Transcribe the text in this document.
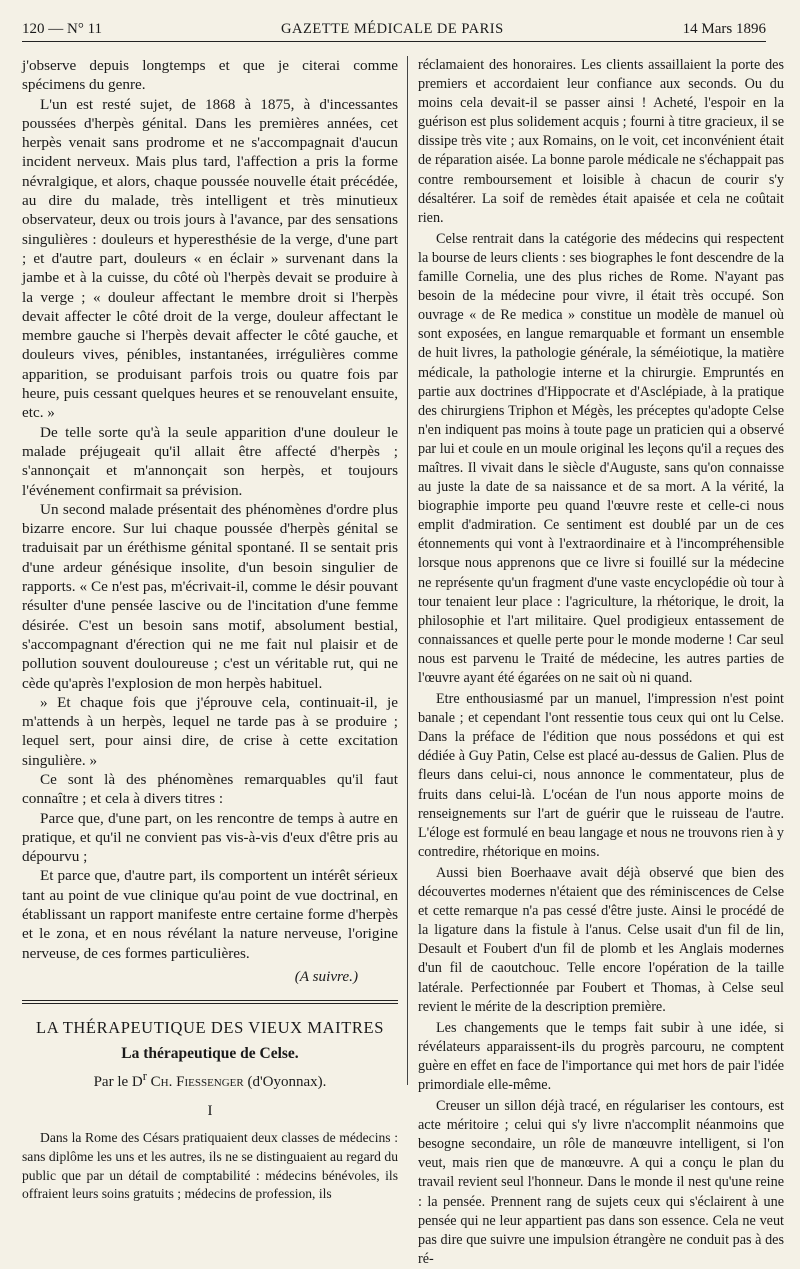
120 — N° 11	GAZETTE MÉDICALE DE PARIS	14 Mars 1896

j'observe depuis longtemps et que je citerai comme spécimens du genre.

L'un est resté sujet, de 1868 à 1875, à d'incessantes poussées d'herpès génital. Dans les premières années, cet herpès venait sans prodrome et ne s'accompagnait d'aucun incident nerveux. Mais plus tard, l'affection a pris la forme névralgique, et alors, chaque poussée nouvelle était précédée, au dire du malade, très intelligent et très minutieux observateur, deux ou trois jours à l'avance, par des sensations singulières : douleurs et hyperesthésie de la verge, d'une part ; et d'autre part, douleurs « en éclair » survenant dans la jambe et à la cuisse, du côté où l'herpès devait se produire à la verge ; « douleur affectant le membre droit si l'herpès devait affecter le côté droit de la verge, douleur affectant le membre gauche si l'herpès devait affecter le côté gauche, et douleurs vives, pénibles, instantanées, irrégulières comme apparition, se produisant parfois trois ou quatre fois par heure, puis cessant quelques heures et se renouvelant ensuite, etc. »

De telle sorte qu'à la seule apparition d'une douleur le malade préjugeait qu'il allait être affecté d'herpès ; s'annonçait et m'annonçait son herpès, et toujours l'événement confirmait sa prévision.

Un second malade présentait des phénomènes d'ordre plus bizarre encore. Sur lui chaque poussée d'herpès génital se traduisait par un éréthisme génital spontané. Il se sentait pris d'une ardeur génésique insolite, d'un besoin singulier de rapports. « Ce n'est pas, m'écrivait-il, comme le désir pouvant résulter d'une pensée lascive ou de l'incitation d'une femme désirée. C'est un besoin sans motif, absolument bestial, s'accompagnant d'érection qui ne me fait nul plaisir et de pollution souvent douloureuse ; c'est un véritable rut, qui ne cède qu'après l'explosion de mon herpès habituel.

» Et chaque fois que j'éprouve cela, continuait-il, je m'attends à un herpès, lequel ne tarde pas à se produire ; lequel sert, pour ainsi dire, de crise à cette excitation singulière. »

Ce sont là des phénomènes remarquables qu'il faut connaître ; et cela à divers titres :

Parce que, d'une part, on les rencontre de temps à autre en pratique, et qu'il ne convient pas vis-à-vis d'eux d'être pris au dépourvu ;

Et parce que, d'autre part, ils comportent un intérêt sérieux tant au point de vue clinique qu'au point de vue doctrinal, en établissant un rapport manifeste entre certaine forme d'herpès et le zona, et en nous révélant la nature nerveuse, l'origine nerveuse, de ces formes particulières.

(A suivre.)
LA THÉRAPEUTIQUE DES VIEUX MAITRES
La thérapeutique de Celse.
Par le $D^r$ Ch. Fiessenger (d'Oyonnax).
I

Dans la Rome des Césars pratiquaient deux classes de médecins : sans diplôme les uns et les autres, ils ne se distinguaient au regard du public que par un détail de comptabilité : médecins bénévoles, ils offraient leurs soins gratuits ; médecins de profession, ils

réclamaient des honoraires. Les clients assaillaient la porte des premiers et accordaient leur confiance aux seconds. Ou du moins cela devait-il se passer ainsi ! Acheté, l'espoir en la guérison est plus solidement acquis ; fourni à titre gracieux, il se dissipe très vite ; aux Romains, on le voit, cet inconvénient était de réparation aisée. La bonne parole médicale ne s'échappait pas contre remboursement et loisible à chacun de courir s'y désaltérer. La soif de remèdes était apaisée et cela ne coûtait rien.

Celse rentrait dans la catégorie des médecins qui respectent la bourse de leurs clients : ses biographes le font descendre de la famille Cornelia, une des plus riches de Rome. N'ayant pas besoin de la médecine pour vivre, il était très occupé. Son ouvrage « de Re medica » constitue un modèle de manuel où sont exposées, en langue remarquable et formant un ensemble de huit livres, la pathologie générale, la séméiotique, la matière médicale, la pathologie interne et la chirurgie. Empruntés en partie aux doctrines d'Hippocrate et d'Asclépiade, à la pratique des chirurgiens Triphon et Mégès, les préceptes qu'adopte Celse n'en indiquent pas moins à toute page un praticien qui a observé par lui et coule en un moule original les leçons qu'il a reçues des maîtres. Il vivait dans le siècle d'Auguste, sans qu'on connaisse au juste la date de sa naissance et de sa mort. A la vérité, la biographie importe peu quand l'œuvre reste et celle-ci nous emplit d'admiration. Ce sentiment est doublé par un de ces étonnements qui vont à l'extraordinaire et à l'incompréhensible lorsque nous apprenons que ce livre si fouillé sur la médecine ne représente qu'un fragment d'une vaste encyclopédie où tour à tour tenaient leur place : l'agriculture, la rhétorique, le droit, la philosophie et l'art militaire. Quel prodigieux entassement de connaissances et quelle perte pour le monde moderne ! Car seul nous est parvenu le Traité de médecine, les autres parties de l'œuvre ayant été égarées on ne sait où ni quand.

Etre enthousiasmé par un manuel, l'impression n'est point banale ; et cependant l'ont ressentie tous ceux qui ont lu Celse. Dans la préface de l'édition que nous possédons et qui est dédiée à Guy Patin, Celse est placé au-dessus de Galien. Plus de fleurs dans celui-ci, nous annonce le commentateur, plus de fruits dans celui-là. L'océan de l'un nous apporte moins de renseignements sur l'art de guérir que le ruisseau de l'autre. L'éloge est formulé en beau langage et nous ne trouvons rien à y contredire, rhétorique en moins.

Aussi bien Boerhaave avait déjà observé que bien des découvertes modernes n'étaient que des réminiscences de Celse et cette remarque n'a pas cessé d'être juste. Ainsi le procédé de la ligature dans la fistule à l'anus. Celse usait d'un fil de lin, Desault et Foubert d'un fil de plomb et les Anglais modernes d'un fil de caoutchouc. Telle encore l'opération de la taille latérale. Perfectionnée par Foubert et Thomas, à Celse seul revient le mérite de la description première.

Les changements que le temps fait subir à une idée, si révélateurs apparaissent-ils du progrès parcouru, ne comptent guère en effet en face de l'importance qui met hors de pair l'idée primordiale elle-même.

Creuser un sillon déjà tracé, en régulariser les contours, est acte méritoire ; celui qui s'y livre n'accomplit néanmoins que besogne secondaire, un rôle de manœuvre intelligent, si l'on veut, mais rien que de manœuvre. A qui a conçu le plan du travail revient seul l'honneur. Dans le monde il nest qu'une reine : la pensée. Prennent rang de sujets ceux qui s'éclairent à une pensée qui ne leur appartient pas dans son essence. Cela ne veut pas dire que suivre une impulsion étrangère ne conduit pas à des ré-
